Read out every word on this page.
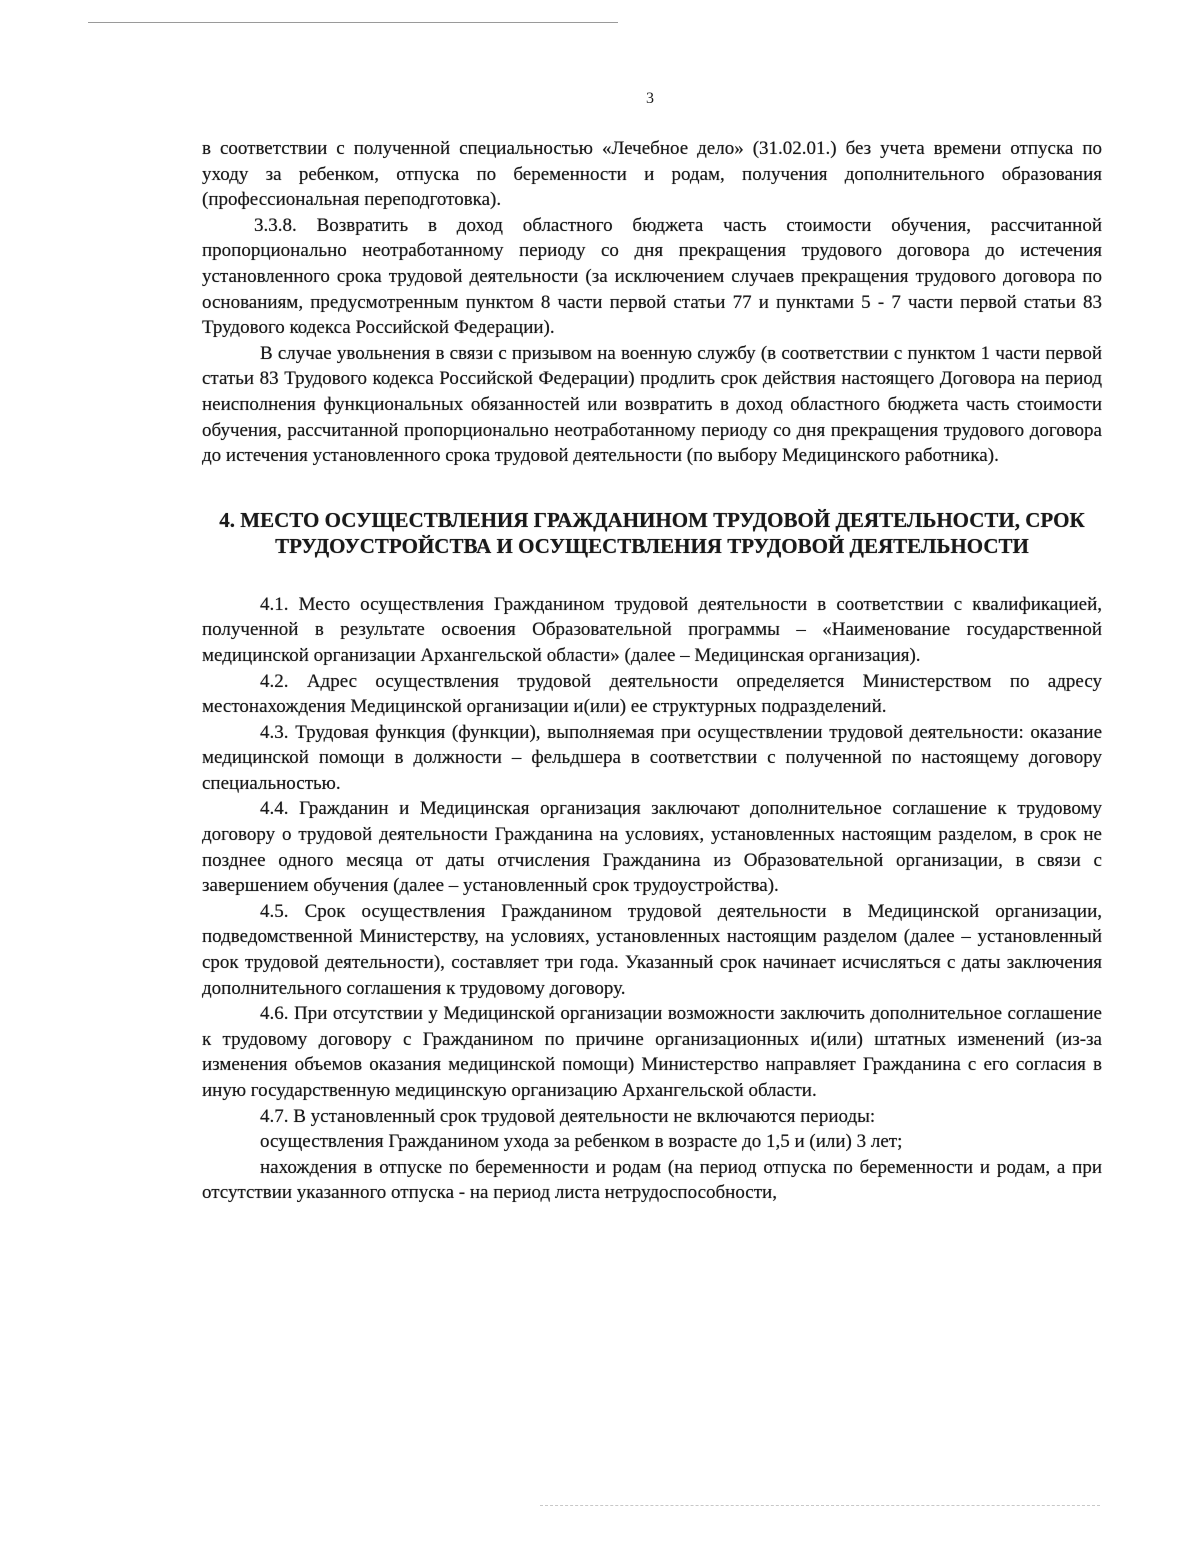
3

в соответствии с полученной специальностью «Лечебное дело» (31.02.01.) без учета времени отпуска по уходу за ребенком, отпуска по беременности и родам, получения дополнительного образования (профессиональная переподготовка).

3.3.8. Возвратить в доход областного бюджета часть стоимости обучения, рассчитанной пропорционально неотработанному периоду со дня прекращения трудового договора до истечения установленного срока трудовой деятельности (за исключением случаев прекращения трудового договора по основаниям, предусмотренным пунктом 8 части первой статьи 77 и пунктами 5 - 7 части первой статьи 83 Трудового кодекса Российской Федерации).

В случае увольнения в связи с призывом на военную службу (в соответствии с пунктом 1 части первой статьи 83 Трудового кодекса Российской Федерации) продлить срок действия настоящего Договора на период неисполнения функциональных обязанностей или возвратить в доход областного бюджета часть стоимости обучения, рассчитанной пропорционально неотработанному периоду со дня прекращения трудового договора до истечения установленного срока трудовой деятельности (по выбору Медицинского работника).

4. МЕСТО ОСУЩЕСТВЛЕНИЯ ГРАЖДАНИНОМ ТРУДОВОЙ ДЕЯТЕЛЬНОСТИ, СРОК ТРУДОУСТРОЙСТВА И ОСУЩЕСТВЛЕНИЯ ТРУДОВОЙ ДЕЯТЕЛЬНОСТИ

4.1. Место осуществления Гражданином трудовой деятельности в соответствии с квалификацией, полученной в результате освоения Образовательной программы – «Наименование государственной медицинской организации Архангельской области» (далее – Медицинская организация).

4.2. Адрес осуществления трудовой деятельности определяется Министерством по адресу местонахождения Медицинской организации и(или) ее структурных подразделений.

4.3. Трудовая функция (функции), выполняемая при осуществлении трудовой деятельности: оказание медицинской помощи в должности – фельдшера в соответствии с полученной по настоящему договору специальностью.

4.4. Гражданин и Медицинская организация заключают дополнительное соглашение к трудовому договору о трудовой деятельности Гражданина на условиях, установленных настоящим разделом, в срок не позднее одного месяца от даты отчисления Гражданина из Образовательной организации, в связи с завершением обучения (далее – установленный срок трудоустройства).

4.5. Срок осуществления Гражданином трудовой деятельности в Медицинской организации, подведомственной Министерству, на условиях, установленных настоящим разделом (далее – установленный срок трудовой деятельности), составляет три года. Указанный срок начинает исчисляться с даты заключения дополнительного соглашения к трудовому договору.

4.6. При отсутствии у Медицинской организации возможности заключить дополнительное соглашение к трудовому договору с Гражданином по причине организационных и(или) штатных изменений (из-за изменения объемов оказания медицинской помощи) Министерство направляет Гражданина с его согласия в иную государственную медицинскую организацию Архангельской области.

4.7. В установленный срок трудовой деятельности не включаются периоды:

осуществления Гражданином ухода за ребенком в возрасте до 1,5 и (или) 3 лет;

нахождения в отпуске по беременности и родам (на период отпуска по беременности и родам, а при отсутствии указанного отпуска - на период листа нетрудоспособности,
